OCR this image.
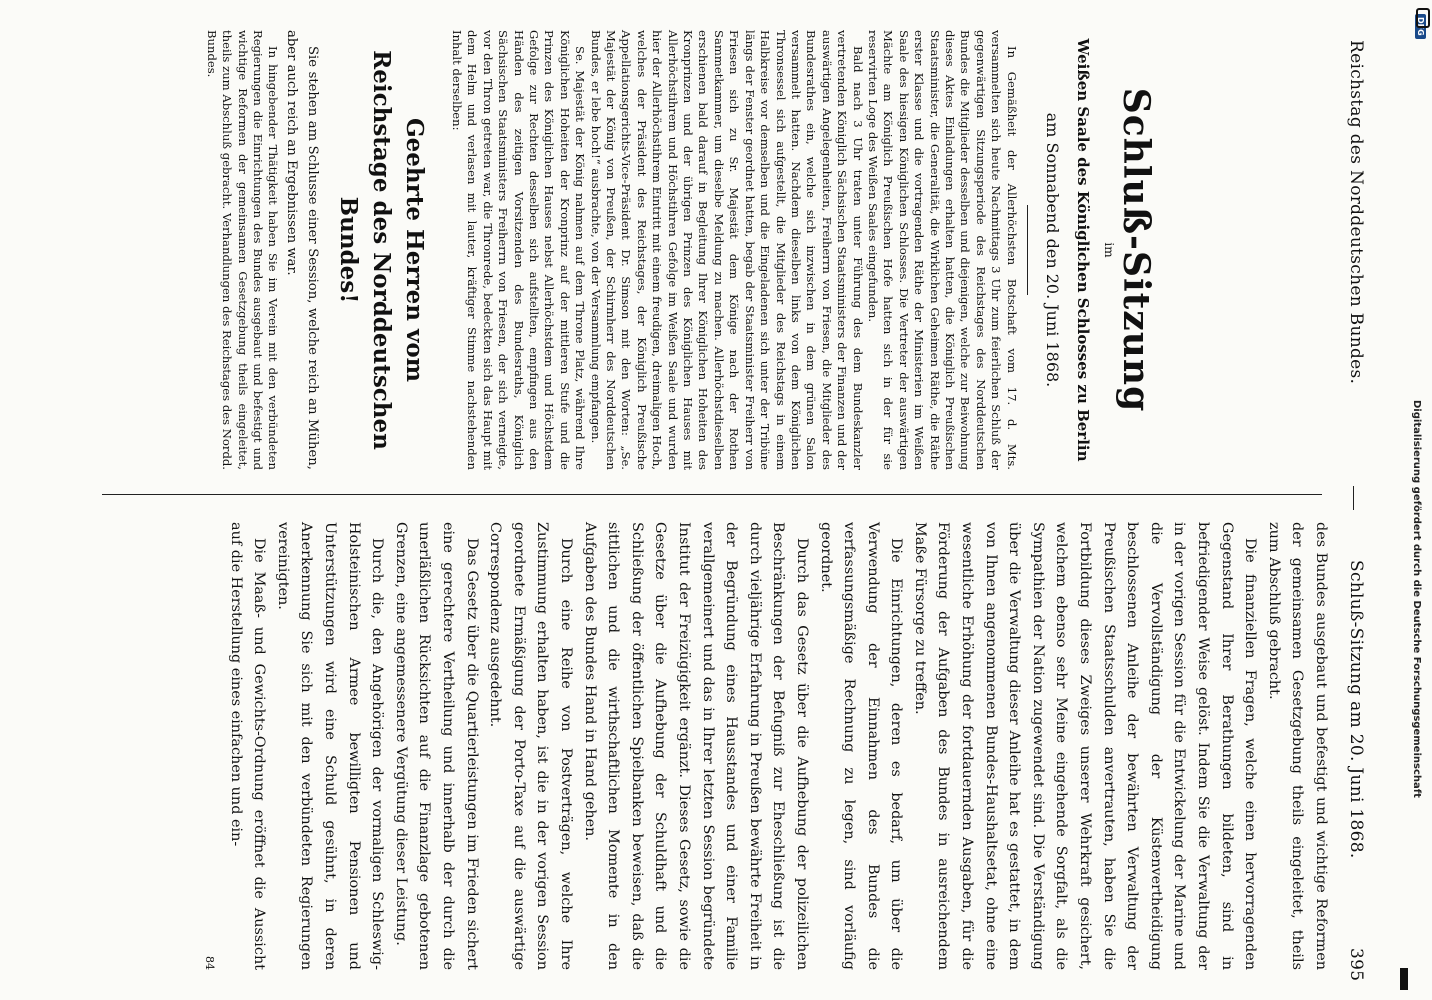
Reichstag des Norddeutschen Bundes.
Schluß-Sitzung am 20. Juni 1868.
395
Schluß-Sitzung
im
Weißen Saale des Königlichen Schlosses zu Berlin
am Sonnabend den 20. Juni 1868.

In Gemäßheit der Allerhöchsten Botschaft vom 17. d. Mts. versammelten sich heute Nachmittags 3 Uhr zum feierlichen Schluß der gegenwärtigen Sitzungsperiode des Reichstages des Norddeutschen Bundes die Mitglieder desselben und diejenigen, welche zur Beiwohnung dieses Aktes Einladungen erhalten hatten, die Königlich Preußischen Staatsminister, die Generalität, die Wirklichen Geheimen Räthe, die Räthe erster Klasse und die vortragenden Räthe der Ministerien im Weißen Saale des hiesigen Königlichen Schlosses. Die Vertreter der auswärtigen Mächte am Königlich Preußischen Hofe hatten sich in der für sie reservirten Loge des Weißen Saales eingefunden.

Bald nach 3 Uhr traten unter Führung des dem Bundeskanzler vertretenden Königlich Sächsischen Staatsministers der Finanzen und der auswärtigen Angelegenheiten, Freiherrn von Friesen, die Mitglieder des Bundesrathes ein, welche sich inzwischen in dem grünen Salon versammelt hatten. Nachdem dieselben links von dem Königlichen Thronsessel sich aufgestellt, die Mitglieder des Reichstags in einem Halbkreise vor demselben und die Eingeladenen sich unter der Tribüne längs der Fenster geordnet hatten, begab der Staatsminister Freiherr von Friesen sich zu Sr. Majestät dem Könige nach der Rothen Sammetkammer, um dieselbe Meldung zu machen. Allerhöchstdieselben erschienen bald darauf in Begleitung Ihrer Königlichen Hoheiten des Kronprinzen und der übrigen Prinzen des Königlichen Hauses mit Allerhöchstihrem und Höchstihren Gefolge im Weißen Saale und wurden hier der Allerhöchstihrem Eintritt mit einem freudigen, dreimaligen Hoch, welches der Präsident des Reichstages, der Königlich Preußische Appellationsgerichts-Vice-Präsident Dr. Simson mit den Worten: „Se. Majestät der König von Preußen, der Schirmherr des Norddeutschen Bundes, er lebe hoch!“ ausbrachte, von der Versammlung empfangen.

Se. Majestät der König nahmen auf dem Throne Platz, während Ihre Königlichen Hoheiten der Kronprinz auf der mittleren Stufe und die Prinzen des Königlichen Hauses nebst Allerhöchstdem und Höchstdem Gefolge zur Rechten desselben sich aufstellten, empfingen aus den Händen des zeitigen Vorsitzenden des Bundesraths, Königlich Sächsischen Staatsministers Freiherrn von Friesen, der sich verneigte, vor den Thron getreten war, die Thronrede, bedeckten sich das Haupt mit dem Helm und verlasen mit lauter, kräftiger Stimme nachstehenden Inhalt derselben:

Geehrte Herren vom Reichstage des Norddeutschen Bundes!

Sie stehen am Schlusse einer Session, welche reich an Mühen, aber auch reich an Ergebnissen war.

In hingebender Thätigkeit haben Sie im Verein mit den verbündeten Regierungen die Einrichtungen des Bundes ausgebaut und befestigt und wichtige Reformen der gemeinsamen Gesetzgebung theils eingeleitet, theils zum Abschluß gebracht. Verhandlungen des Reichstages des Nordd. Bundes.

des Bundes ausgebaut und befestigt und wichtige Reformen der gemeinsamen Gesetzgebung theils eingeleitet, theils zum Abschluß gebracht.

Die finanziellen Fragen, welche einen hervorragenden Gegenstand Ihrer Berathungen bildeten, sind in befriedigender Weise gelöst. Indem Sie die Verwaltung der in der vorigen Session für die Entwickelung der Marine und die Vervollständigung der Küstenvertheidigung beschlossenen Anleihe der bewährten Verwaltung der Preußischen Staatsschulden anvertrauten, haben Sie die Fortbildung dieses Zweiges unserer Wehrkraft gesichert, welchem ebenso sehr Meine eingehende Sorgfalt, als die Sympathien der Nation zugewendet sind. Die Verständigung über die Verwaltung dieser Anleihe hat es gestattet, in dem von Ihnen angenommenen Bundes-Haushaltsetat, ohne eine wesentliche Erhöhung der fortdauernden Ausgaben, für die Förderung der Aufgaben des Bundes in ausreichendem Maße Fürsorge zu treffen.

Die Einrichtungen, deren es bedarf, um über die Verwendung der Einnahmen des Bundes die verfassungsmäßige Rechnung zu legen, sind vorläufig geordnet.

Durch das Gesetz über die Aufhebung der polizeilichen Beschränkungen der Befugniß zur Eheschließung ist die durch vieljährige Erfahrung in Preußen bewährte Freiheit in der Begründung eines Hausstandes und einer Familie verallgemeinert und das in Ihrer letzten Session begründete Institut der Freizügigkeit ergänzt. Dieses Gesetz, sowie die Gesetze über die Aufhebung der Schuldhaft und die Schließung der öffentlichen Spielbanken beweisen, daß die sittlichen und die wirthschaftlichen Momente in den Aufgaben des Bundes Hand in Hand gehen.

Durch eine Reihe von Postverträgen, welche Ihre Zustimmung erhalten haben, ist die in der vorigen Session geordnete Ermäßigung der Porto-Taxe auf die auswärtige Correspondenz ausgedehnt.

Das Gesetz über die Quartierleistungen im Frieden sichert eine gerechtere Vertheilung und innerhalb der durch die unerläßlichen Rücksichten auf die Finanzlage gebotenen Grenzen, eine angemessenere Vergütung dieser Leistung.

Durch die, den Angehörigen der vormaligen Schleswig-Holsteinischen Armee bewilligten Pensionen und Unterstützungen wird eine Schuld gesühnt, in deren Anerkennung Sie sich mit den verbündeten Regierungen vereinigten.

Die Maaß- und Gewichts-Ordnung eröffnet die Aussicht auf die Herstellung eines einfachen und ein-

84
Digitalisierung gefördert durch die Deutsche Forschungsgemeinschaft
DFG
